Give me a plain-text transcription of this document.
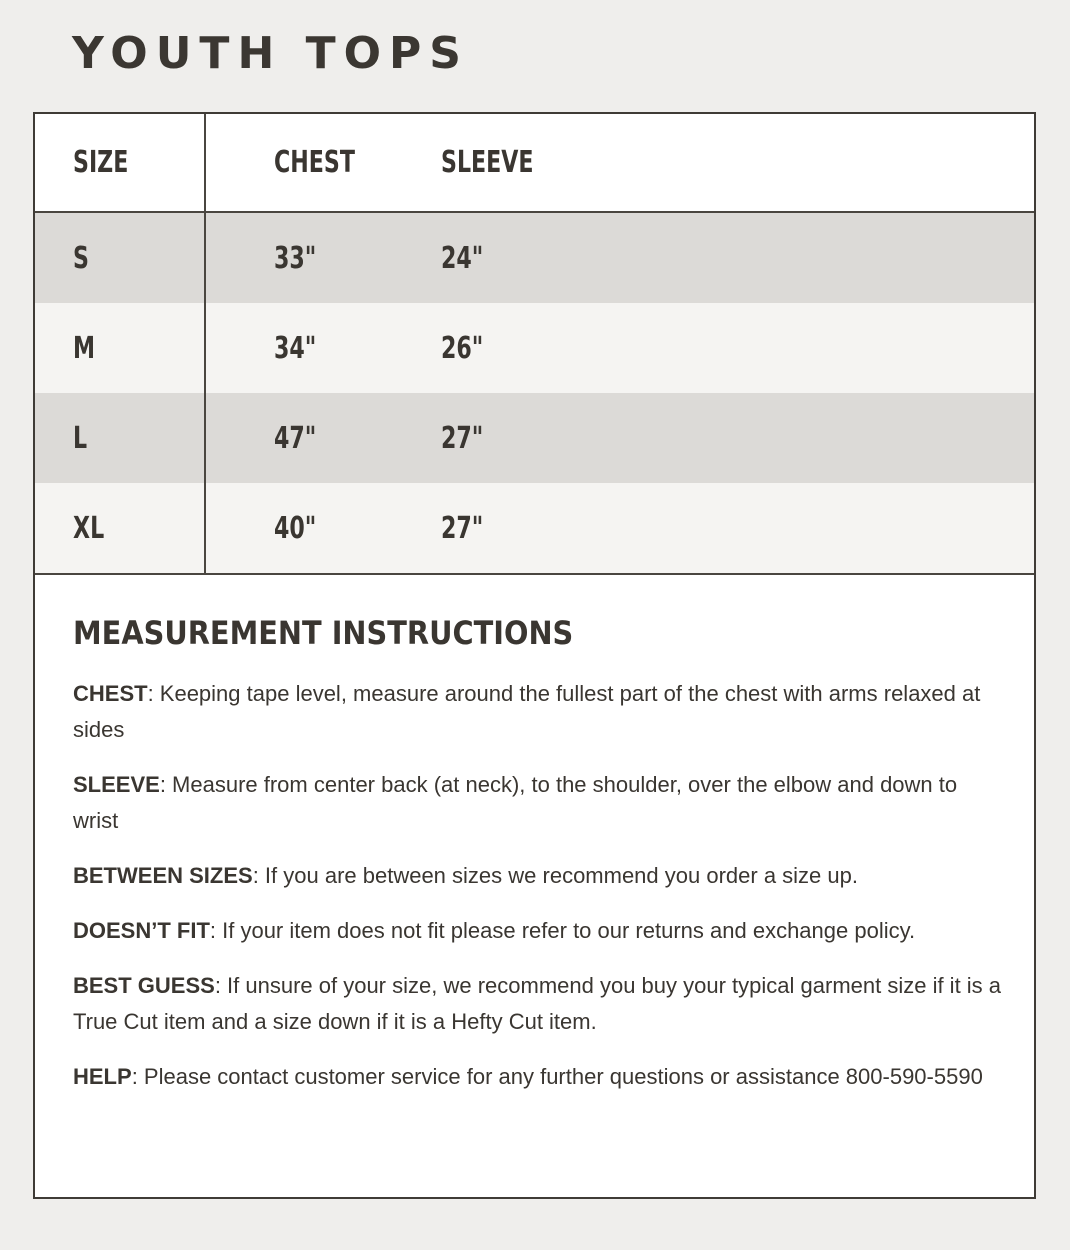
YOUTH TOPS
SIZE	CHEST	SLEEVE
S	33"	24"
M	34"	26"
L	47"	27"
XL	40"	27"
MEASUREMENT INSTRUCTIONS

CHEST: Keeping tape level, measure around the fullest part of the chest with arms relaxed at sides

SLEEVE: Measure from center back (at neck), to the shoulder, over the elbow and down to wrist

BETWEEN SIZES: If you are between sizes we recommend you order a size up.

DOESN’T FIT: If your item does not fit please refer to our returns and exchange policy.

BEST GUESS: If unsure of your size, we recommend you buy your typical garment size if it is a True Cut item and a size down if it is a Hefty Cut item.

HELP: Please contact customer service for any further questions or assistance 800-590-5590
